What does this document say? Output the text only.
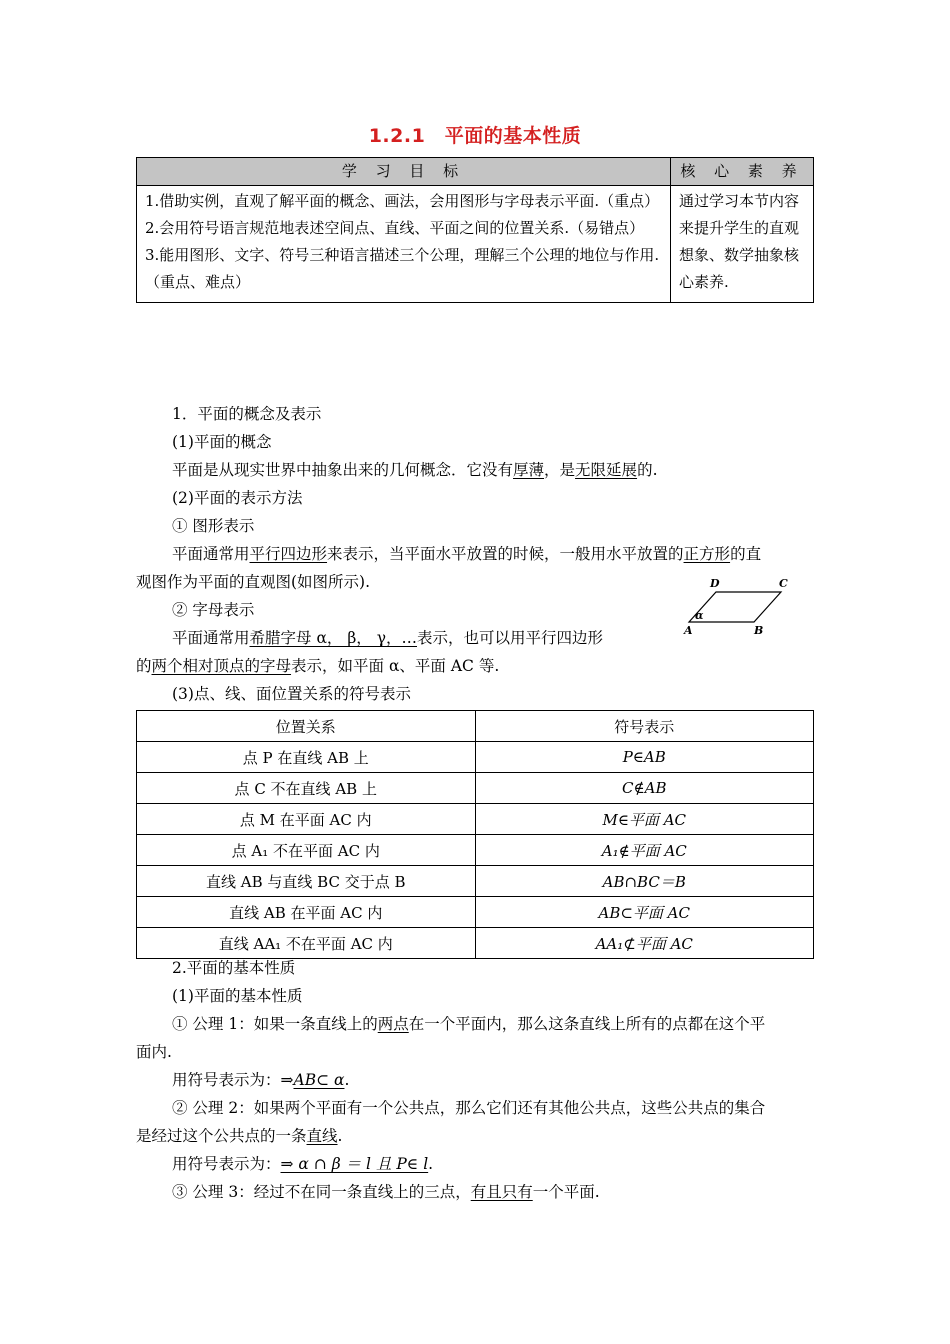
1.2.1　平面的基本性质
学 习 目 标	核 心 素 养

1.借助实例，直观了解平面的概念、画法，会用图形与字母表示平面.（重点）
2.会用符号语言规范地表述空间点、直线、平面之间的位置关系.（易错点）
3.能用图形、文字、符号三种语言描述三个公理，理解三个公理的地位与作用.（重点、难点）	通过学习本节内容来提升学生的直观想象、数学抽象核心素养.
1．平面的概念及表示
(1)平面的概念
平面是从现实世界中抽象出来的几何概念．它没有厚薄，是无限延展的.
(2)平面的表示方法
① 图形表示
平面通常用平行四边形来表示，当平面水平放置的时候，一般用水平放置的正方形的直
观图作为平面的直观图(如图所示).	D	C
A	B
α
② 字母表示
平面通常用希腊字母 α， β， γ，…表示，也可以用平行四边形
的两个相对顶点的字母表示，如平面 α、平面 AC 等.
(3)点、线、面位置关系的符号表示
位置关系	符号表示
点 P 在直线 AB 上	P∈AB
点 C 不在直线 AB 上	C∉AB
点 M 在平面 AC 内	M∈平面 AC
点 A₁ 不在平面 AC 内	A₁∉平面 AC
直线 AB 与直线 BC 交于点 B	AB∩BC＝B
直线 AB 在平面 AC 内	AB⊂平面 AC
直线 AA₁ 不在平面 AC 内	AA₁⊄平面 AC
2.平面的基本性质
(1)平面的基本性质
① 公理 1：如果一条直线上的两点在一个平面内，那么这条直线上所有的点都在这个平
面内.
用符号表示为：⇒AB⊂ α.
② 公理 2：如果两个平面有一个公共点，那么它们还有其他公共点，这些公共点的集合
是经过这个公共点的一条直线.
用符号表示为：⇒ α ∩ β ＝ l 且 P∈ l.
③ 公理 3：经过不在同一条直线上的三点，有且只有一个平面.
